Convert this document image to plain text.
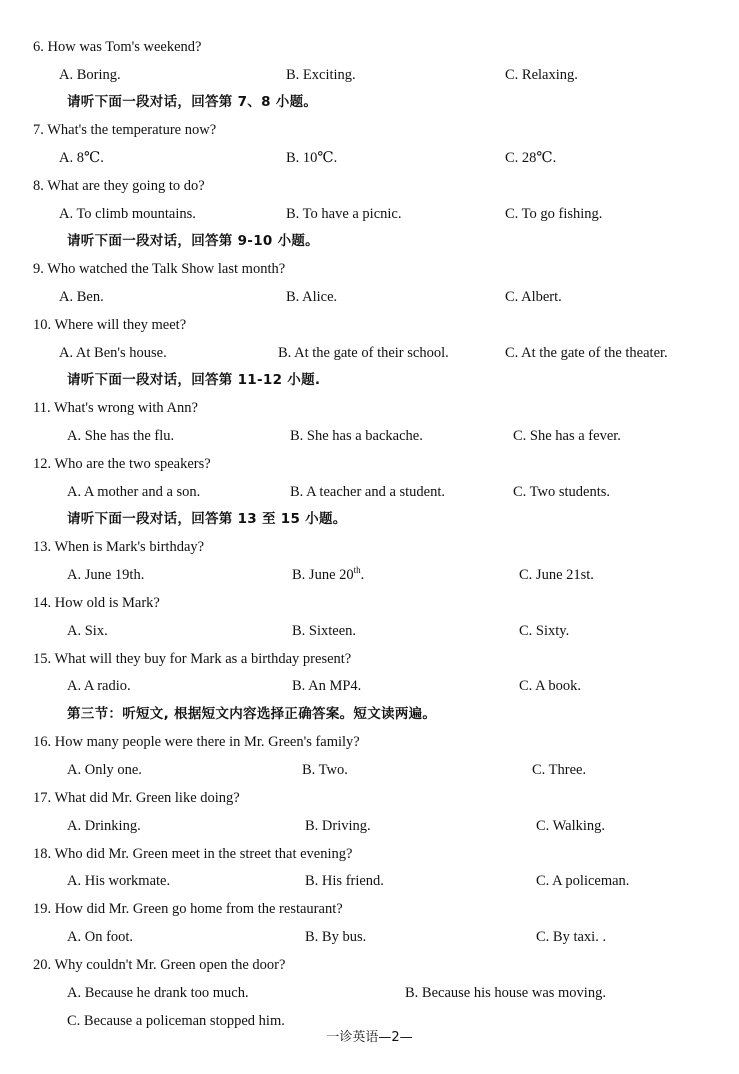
6. How was Tom's weekend?
A. Boring.	B. Exciting.	C. Relaxing.
请听下面一段对话，回答第 7、8 小题。
7. What's the temperature now?
A. 8℃.	B. 10℃.	C. 28℃.
8. What are they going to do?
A. To climb mountains.	B. To have a picnic.	C. To go fishing.
请听下面一段对话，回答第 9-10 小题。
9. Who watched the Talk Show last month?
A. Ben.	B. Alice.	C. Albert.
10. Where will they meet?
A. At Ben's house.	B. At the gate of their school.	C. At the gate of the theater.
请听下面一段对话，回答第 11-12 小题.
11. What's wrong with Ann?
A. She has the flu.	B. She has a backache.	C. She has a fever.
12. Who are the two speakers?
A. A mother and a son.	B. A teacher and a student.	C. Two students.
请听下面一段对话，回答第 13 至 15 小题。
13. When is Mark's birthday?
A. June 19th.	B. June 20th.	C. June 21st.
14. How old is Mark?
A. Six.	B. Sixteen.	C. Sixty.
15. What will they buy for Mark as a birthday present?
A. A radio.	B. An MP4.	C. A book.
第三节：听短文, 根据短文内容选择正确答案。短文读两遍。
16. How many people were there in Mr. Green's family?
A. Only one.	B. Two.	C. Three.
17. What did Mr. Green like doing?
A. Drinking.	B. Driving.	C. Walking.
18. Who did Mr. Green meet in the street that evening?
A. His workmate.	B. His friend.	C. A policeman.
19. How did Mr. Green go home from the restaurant?
A. On foot.	B. By bus.	C. By taxi. .
20. Why couldn't Mr. Green open the door?
A. Because he drank too much.	B. Because his house was moving.
C. Because a policeman stopped him.
一诊英语—2—
